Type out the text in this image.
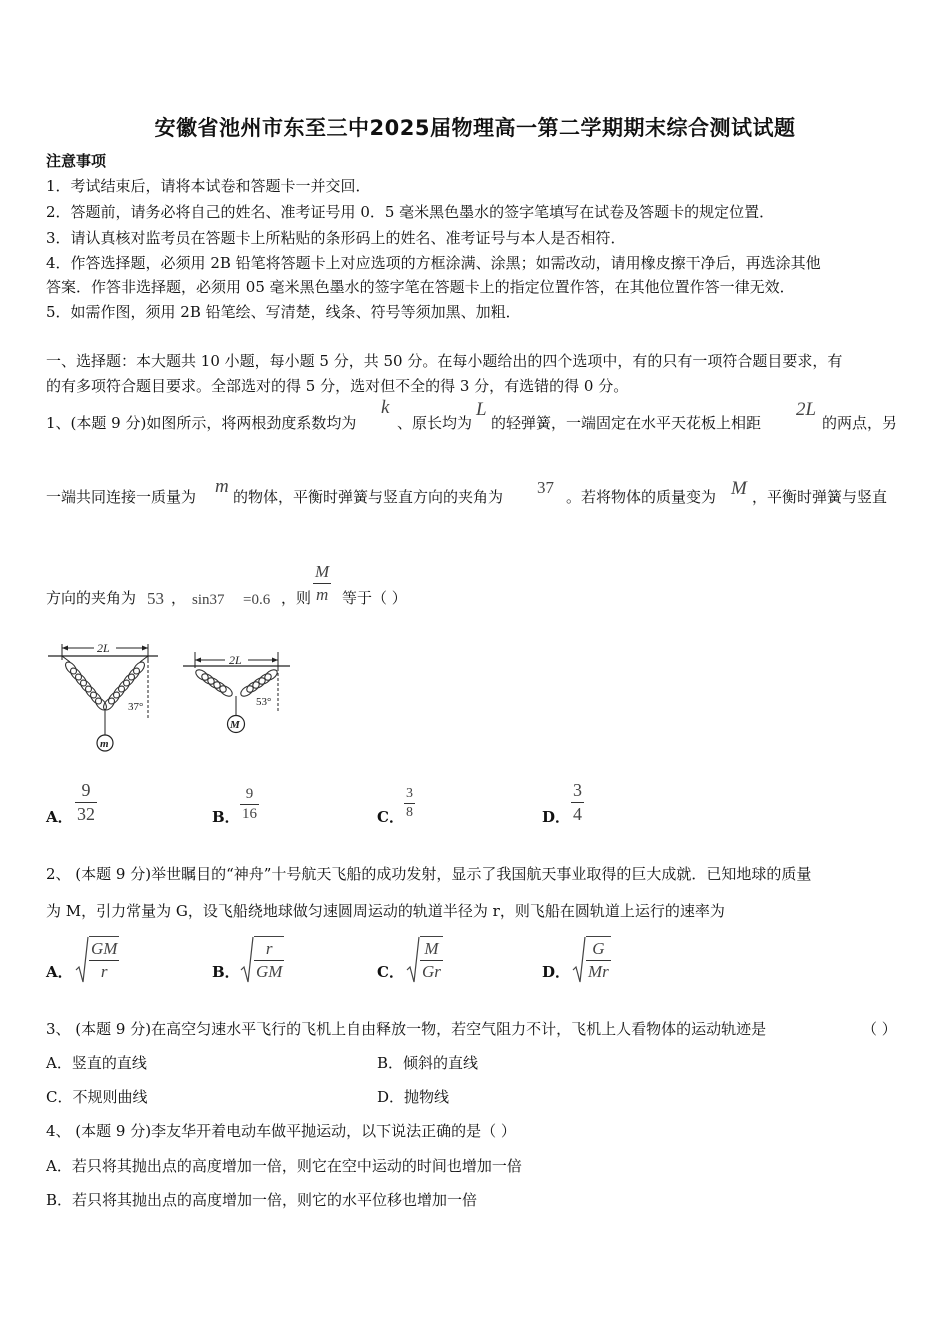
安徽省池州市东至三中2025届物理高一第二学期期末综合测试试题
注意事项
1．考试结束后，请将本试卷和答题卡一并交回．
2．答题前，请务必将自己的姓名、准考证号用 0．5 毫米黑色墨水的签字笔填写在试卷及答题卡的规定位置．
3．请认真核对监考员在答题卡上所粘贴的条形码上的姓名、准考证号与本人是否相符．
4．作答选择题，必须用 2B 铅笔将答题卡上对应选项的方框涂满、涂黑；如需改动，请用橡皮擦干净后，再选涂其他
答案．作答非选择题，必须用 05 毫米黑色墨水的签字笔在答题卡上的指定位置作答，在其他位置作答一律无效．
5．如需作图，须用 2B 铅笔绘、写清楚，线条、符号等须加黑、加粗．
一、选择题：本大题共 10 小题，每小题 5 分，共 50 分。在每小题给出的四个选项中，有的只有一项符合题目要求，有
的有多项符合题目要求。全部选对的得 5 分，选对但不全的得 3 分，有选错的得 0 分。
1、(本题 9 分)如图所示，将两根劲度系数均为
k
、原长均为
L
的轻弹簧，一端固定在水平天花板上相距
2L
的两点，另
一端共同连接一质量为 m 的物体，平衡时弹簧与竖直方向的夹角为 37 。若将物体的质量变为 M ，平衡时弹簧与竖直
方向的夹角为 53 ， sin37 =0.6 ，则 $\frac{M}{m}$ 等于（ ）
2L
37°
m
2L
53°
M
A． $\frac{9}{32}$	B． $\frac{9}{16}$	C． $\frac{3}{8}$	D． $\frac{3}{4}$
2、 (本题 9 分)举世瞩目的“神舟”十号航天飞船的成功发射，显示了我国航天事业取得的巨大成就．已知地球的质量
为 M，引力常量为 G，设飞船绕地球做匀速圆周运动的轨道半径为 r，则飞船在圆轨道上运行的速率为
A． $\frac{GM}{r}$	B． $\frac{r}{GM}$	C． $\frac{M}{Gr}$	D． $\frac{G}{Mr}$
3、 (本题 9 分)在高空匀速水平飞行的飞机上自由释放一物，若空气阻力不计，飞机上人看物体的运动轨迹是	（ ）
A．竖直的直线	B．倾斜的直线
C．不规则曲线	D．抛物线
4、 (本题 9 分)李友华开着电动车做平抛运动，以下说法正确的是（ ）
A．若只将其抛出点的高度增加一倍，则它在空中运动的时间也增加一倍
B．若只将其抛出点的高度增加一倍，则它的水平位移也增加一倍
